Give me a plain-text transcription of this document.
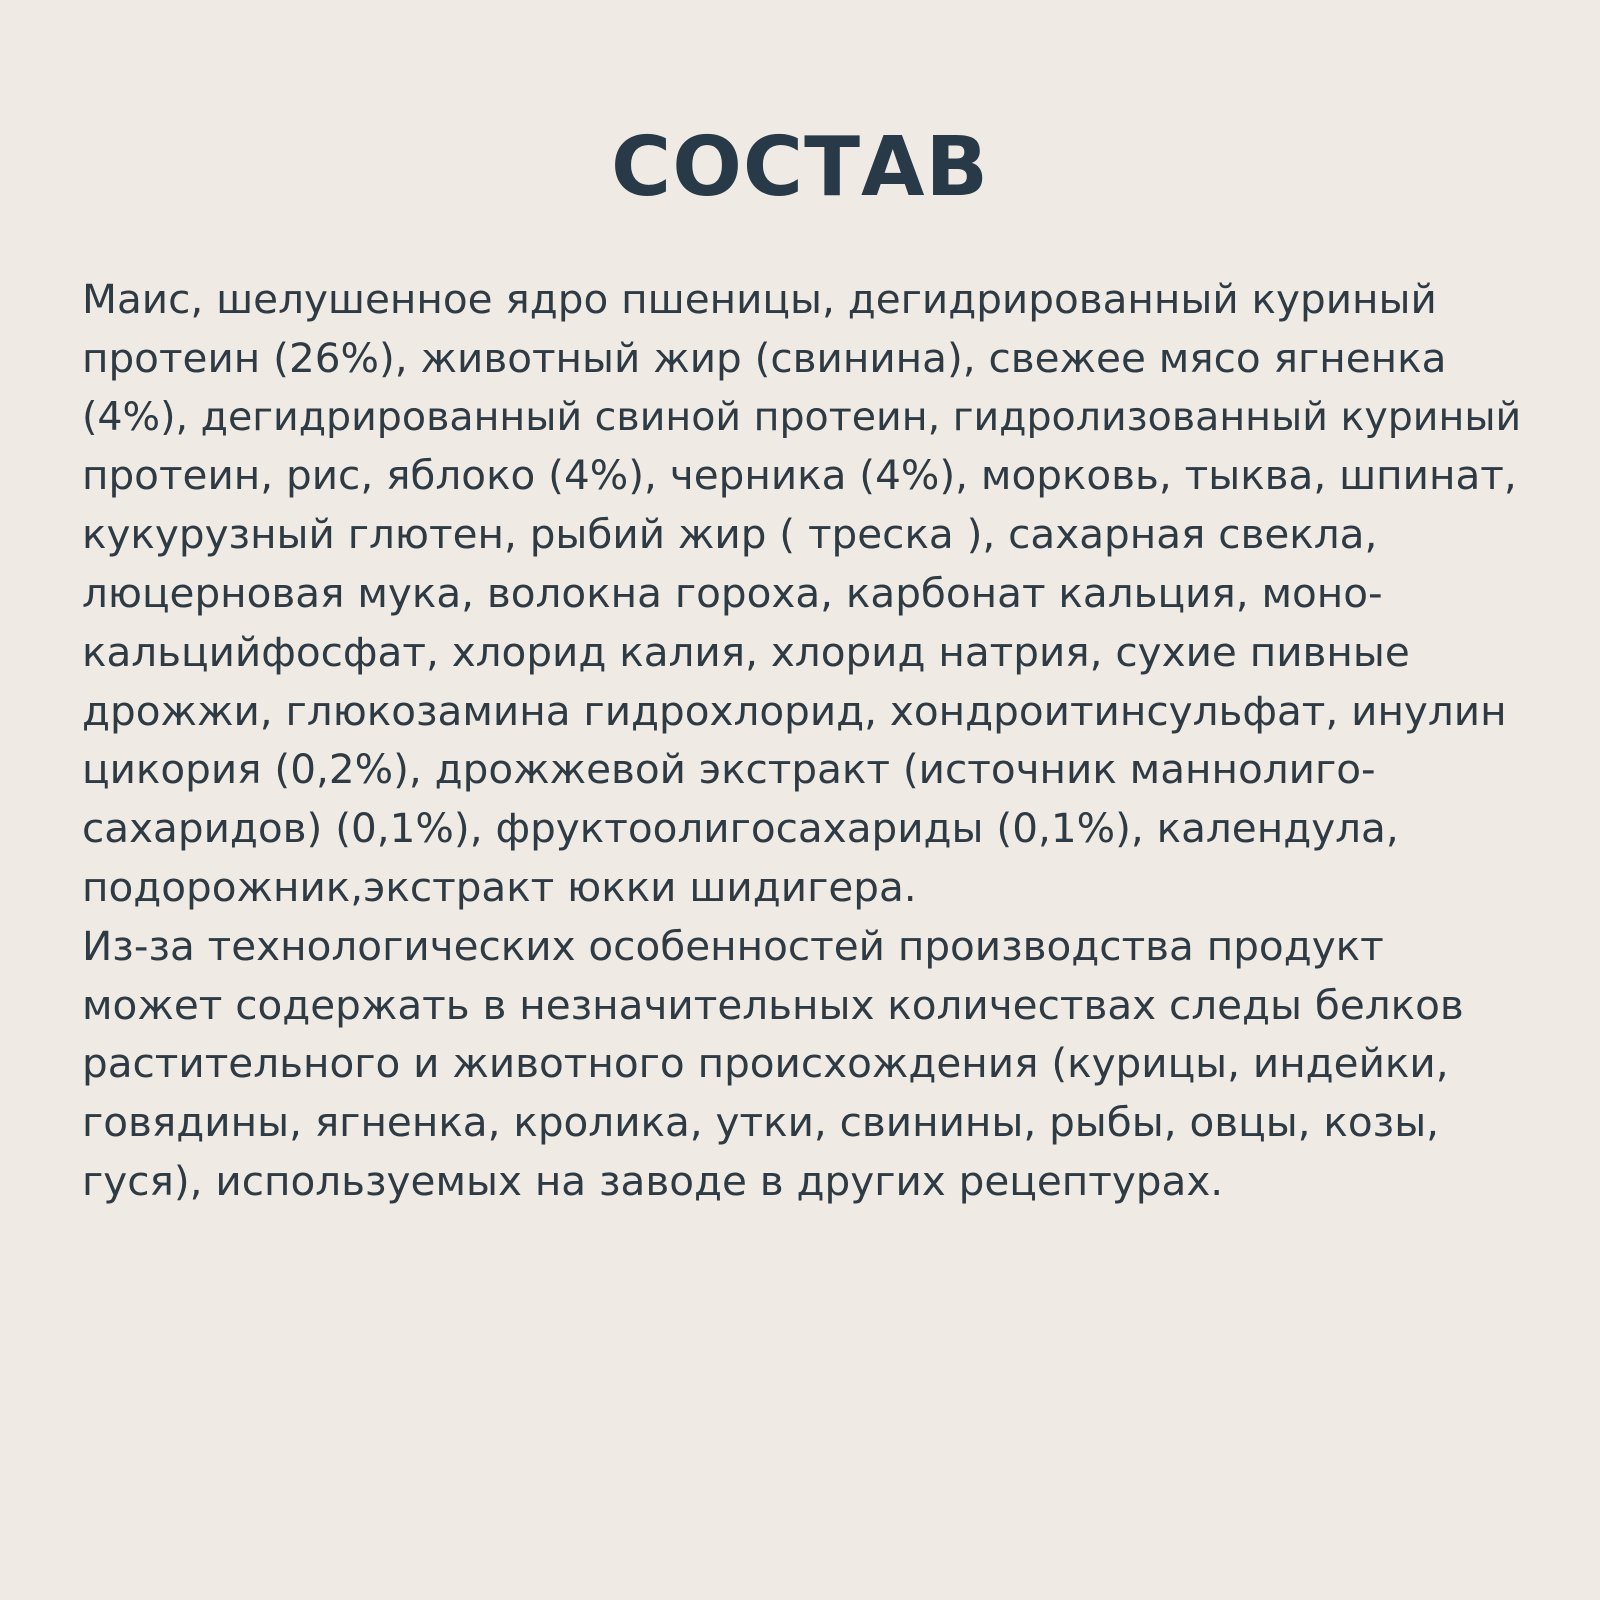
СОСТАВ
Маис, шелушенное ядро пшеницы, дегидрированный куриный
протеин (26%), животный жир (свинина), свежее мясо ягненка
(4%), дегидрированный свиной протеин, гидролизованный куриный
протеин, рис, яблоко (4%), черника (4%), морковь, тыква, шпинат,
кукурузный глютен, рыбий жир ( треска ), сахарная свекла,
люцерновая мука, волокна гороха, карбонат кальция, моно-
кальцийфосфат, хлорид калия, хлорид натрия, сухие пивные
дрожжи, глюкозамина гидрохлорид, хондроитинсульфат, инулин
цикория (0,2%), дрожжевой экстракт (источник маннолиго-
сахаридов) (0,1%), фруктоолигосахариды (0,1%), календула,
подорожник,экстракт юкки шидигера.
Из-за технологических особенностей производства продукт
может содержать в незначительных количествах следы белков
растительного и животного происхождения (курицы, индейки,
говядины, ягненка, кролика, утки, свинины, рыбы, овцы, козы,
гуся), используемых на заводе в других рецептурах.
